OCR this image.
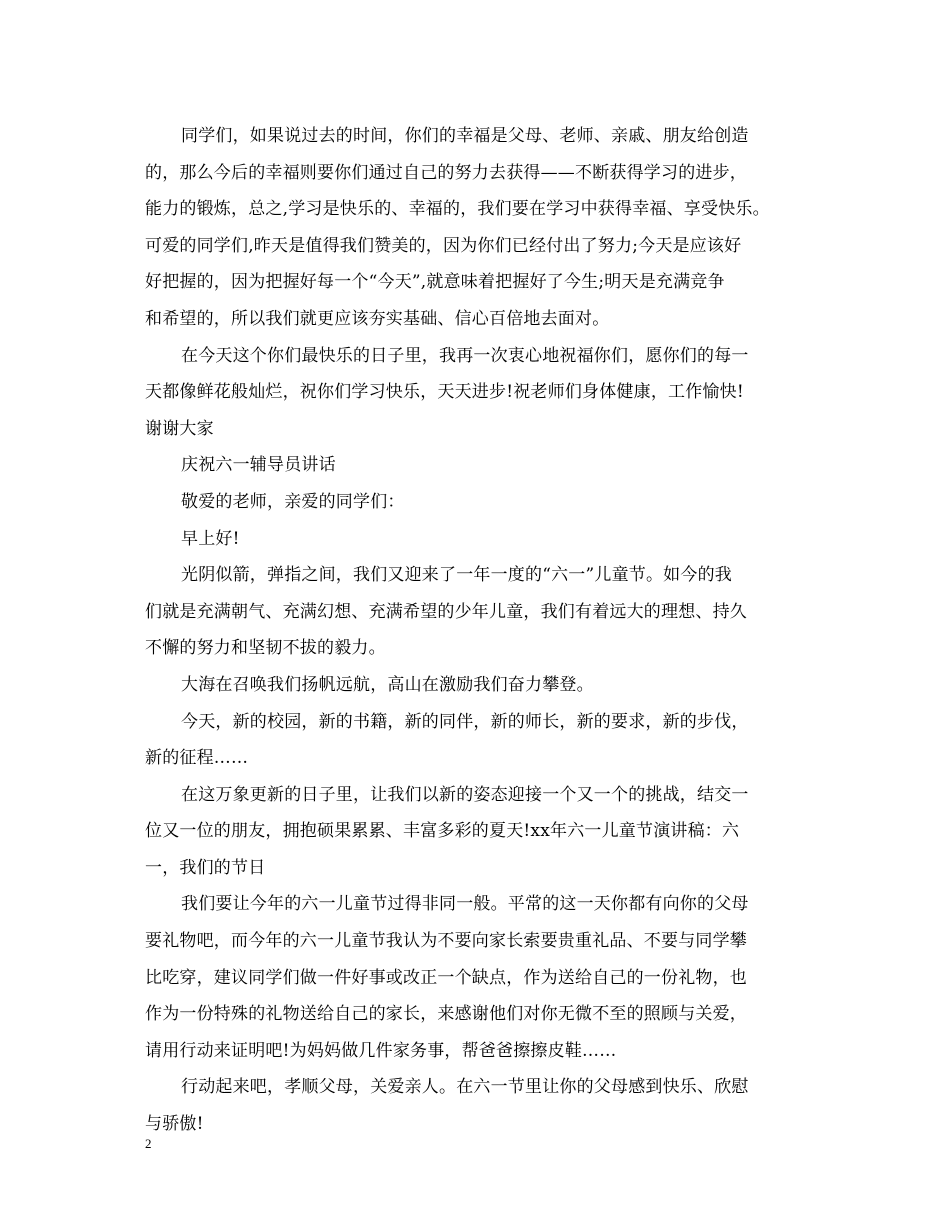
同学们，如果说过去的时间，你们的幸福是父母、老师、亲戚、朋友给创造
的，那么今后的幸福则要你们通过自己的努力去获得——不断获得学习的进步，
能力的锻炼，总之,学习是快乐的、幸福的，我们要在学习中获得幸福、享受快乐。
可爱的同学们,昨天是值得我们赞美的，因为你们已经付出了努力;今天是应该好
好把握的，因为把握好每一个“今天”,就意味着把握好了今生;明天是充满竞争
和希望的，所以我们就更应该夯实基础、信心百倍地去面对。
在今天这个你们最快乐的日子里，我再一次衷心地祝福你们，愿你们的每一
天都像鲜花般灿烂，祝你们学习快乐，天天进步!祝老师们身体健康，工作愉快!
谢谢大家
庆祝六一辅导员讲话
敬爱的老师，亲爱的同学们：
早上好!
光阴似箭，弹指之间，我们又迎来了一年一度的“六一”儿童节。如今的我
们就是充满朝气、充满幻想、充满希望的少年儿童，我们有着远大的理想、持久
不懈的努力和坚韧不拔的毅力。
大海在召唤我们扬帆远航，高山在激励我们奋力攀登。
今天，新的校园，新的书籍，新的同伴，新的师长，新的要求，新的步伐，
新的征程……
在这万象更新的日子里，让我们以新的姿态迎接一个又一个的挑战，结交一
位又一位的朋友，拥抱硕果累累、丰富多彩的夏天!xx年六一儿童节演讲稿：六
一，我们的节日
我们要让今年的六一儿童节过得非同一般。平常的这一天你都有向你的父母
要礼物吧，而今年的六一儿童节我认为不要向家长索要贵重礼品、不要与同学攀
比吃穿，建议同学们做一件好事或改正一个缺点，作为送给自己的一份礼物，也
作为一份特殊的礼物送给自己的家长，来感谢他们对你无微不至的照顾与关爱，
请用行动来证明吧!为妈妈做几件家务事，帮爸爸擦擦皮鞋……
行动起来吧，孝顺父母，关爱亲人。在六一节里让你的父母感到快乐、欣慰
与骄傲!
2
